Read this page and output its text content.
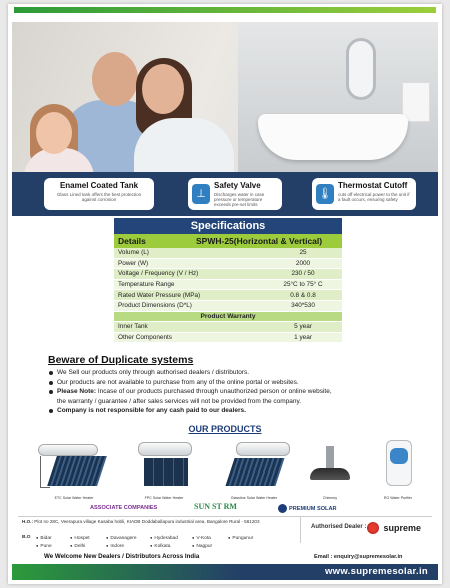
Enamel Coated Tank
Glass Lined tank offers the best protection against corrosion	⊥
Safety Valve
Discharges water in case pressure or temperature exceeds pre-set limits
🌡
Thermostat Cutoff
cuts off electrical power to the unit if a fault occurs, ensuring safety
Specifications
Details	SPWH-25(Horizontal & Vertical)
Volume (L)	25
Power (W)	2000
Voltage / Frequency (V / Hz)	230 / 50
Temperature Range	25°C to 75° C
Rated Water Pressure (MPa)	0.8 & 0.8
Product Dimensions (D*L)	340*530
Product Warranty
Inner Tank	5 year
Other Components	1 year
Beware of Duplicate systems
We Sell our products only through authorised dealers / distributors.
Our products are not available to purchase from any of the online portal or websites.
Please Note: Incase of our products purchased through unauthorized person or online website,
the warranty / guarantee / after sales services will not be provided from the company.
Company is not responsible for any cash paid to our dealers.
OUR PRODUCTS
ETC Solar Water Heater	FPC Solar Water Heater	Glassline Solar Water Heater	Chimney	RO Water Purifier
ASSOCIATE COMPANIES	SUN ST RM	PREMIUM SOLAR
H.O.: Plot no 28C, Veerapura village Kasaba hobli, KIADB Doddaballapura industrial area, Bangalore Rural - 561203
B.O	● Bidar	● Hospet	● Davanagere	● Hyderabad	● V-Kota	● Pungunur
● Pune	● Delhi	● Indore	● Kolkata	● Nagpur
We Welcome New Dealers / Distributors Across India
Authorised Dealer :	supreme
Email : enquiry@supremesolar.in
www.supremesolar.in
